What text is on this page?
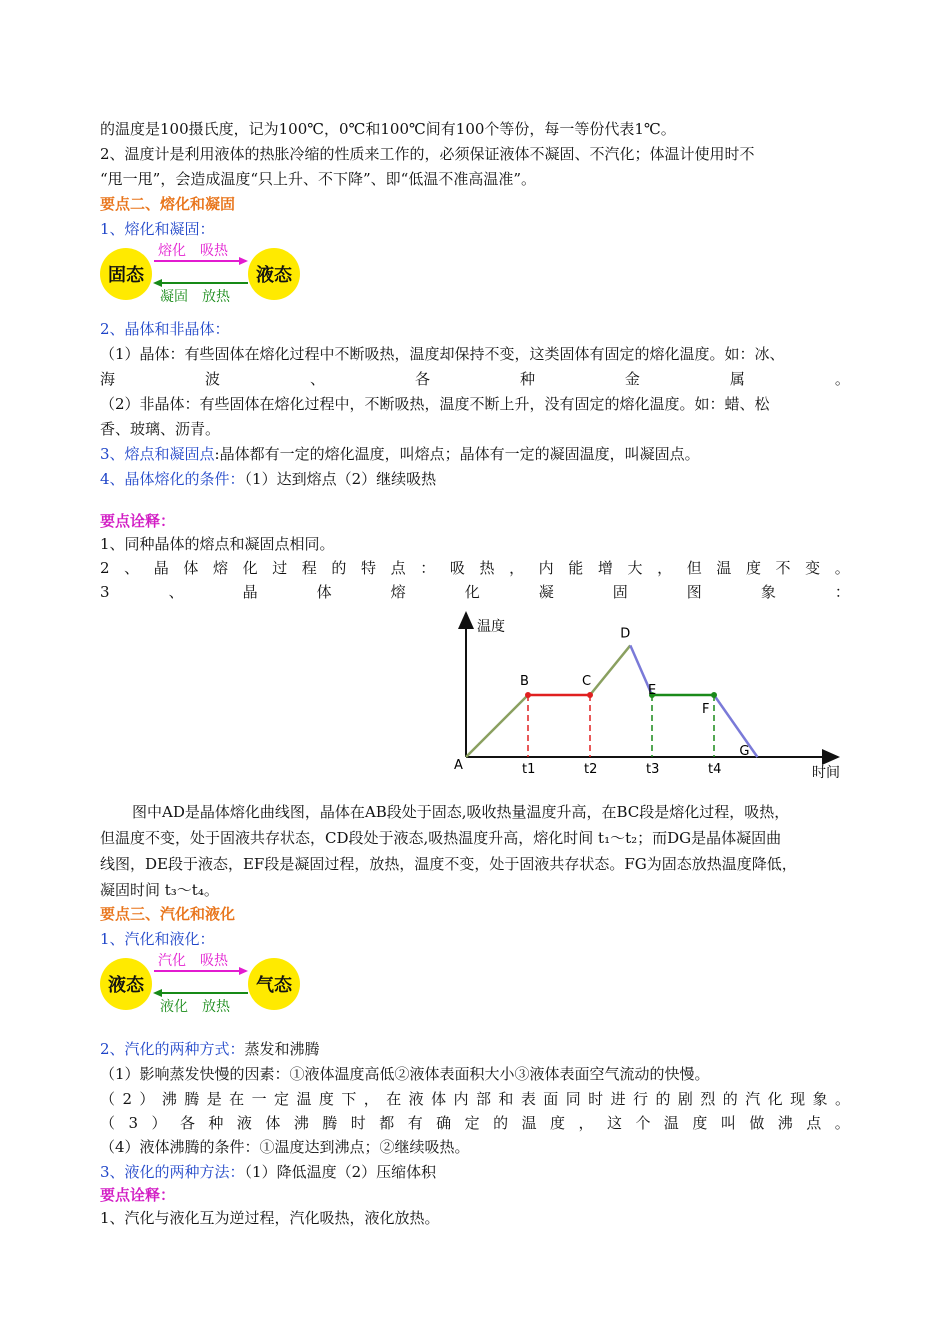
的温度是100摄氏度，记为100℃，0℃和100℃间有100个等份，每一等份代表1℃。
2、温度计是利用液体的热胀冷缩的性质来工作的，必须保证液体不凝固、不汽化；体温计使用时不
“甩一甩”，会造成温度“只上升、不下降”、即“低温不准高温准”。
要点二、熔化和凝固
1、熔化和凝固：
固态	液态
熔化　吸热
凝固　放热
2、晶体和非晶体：
（1）晶体：有些固体在熔化过程中不断吸热，温度却保持不变，这类固体有固定的熔化温度。如：冰、
海	波	、	各	种	金	属	。
（2）非晶体：有些固体在熔化过程中，不断吸热，温度不断上升，没有固定的熔化温度。如：蜡、松
香、玻璃、沥青。
3、熔点和凝固点:晶体都有一定的熔化温度，叫熔点；晶体有一定的凝固温度，叫凝固点。
4、晶体熔化的条件：（1）达到熔点（2）继续吸热
要点诠释：
1、同种晶体的熔点和凝固点相同。
2 、 晶 体 熔 化 过 程 的 特 点 ： 吸 热 ， 内 能 增 大 ， 但 温 度 不 变 。
3	、	晶	体	熔	化	凝	固	图	象	：
温度
时间
t1	t2	t3	t4
A
B	C
D
E
F
G
图中AD是晶体熔化曲线图，晶体在AB段处于固态,吸收热量温度升高，在BC段是熔化过程，吸热，
但温度不变，处于固液共存状态，CD段处于液态,吸热温度升高，熔化时间 t₁～t₂；而DG是晶体凝固曲
线图，DE段于液态，EF段是凝固过程，放热，温度不变，处于固液共存状态。FG为固态放热温度降低，
凝固时间 t₃～t₄。
要点三、汽化和液化
1、汽化和液化：
液态	气态
汽化　吸热
液化　放热
2、汽化的两种方式：蒸发和沸腾
（1）影响蒸发快慢的因素：①液体温度高低②液体表面积大小③液体表面空气流动的快慢。
（ 2 ） 沸 腾 是 在 一 定 温 度 下 ， 在 液 体 内 部 和 表 面 同 时 进 行 的 剧 烈 的 汽 化 现 象 。
（ 3 ） 各 种 液 体 沸 腾 时 都 有 确 定 的 温 度 ， 这 个 温 度 叫 做 沸 点 。
（4）液体沸腾的条件：①温度达到沸点；②继续吸热。
3、液化的两种方法：（1）降低温度（2）压缩体积
要点诠释：
1、汽化与液化互为逆过程，汽化吸热，液化放热。
